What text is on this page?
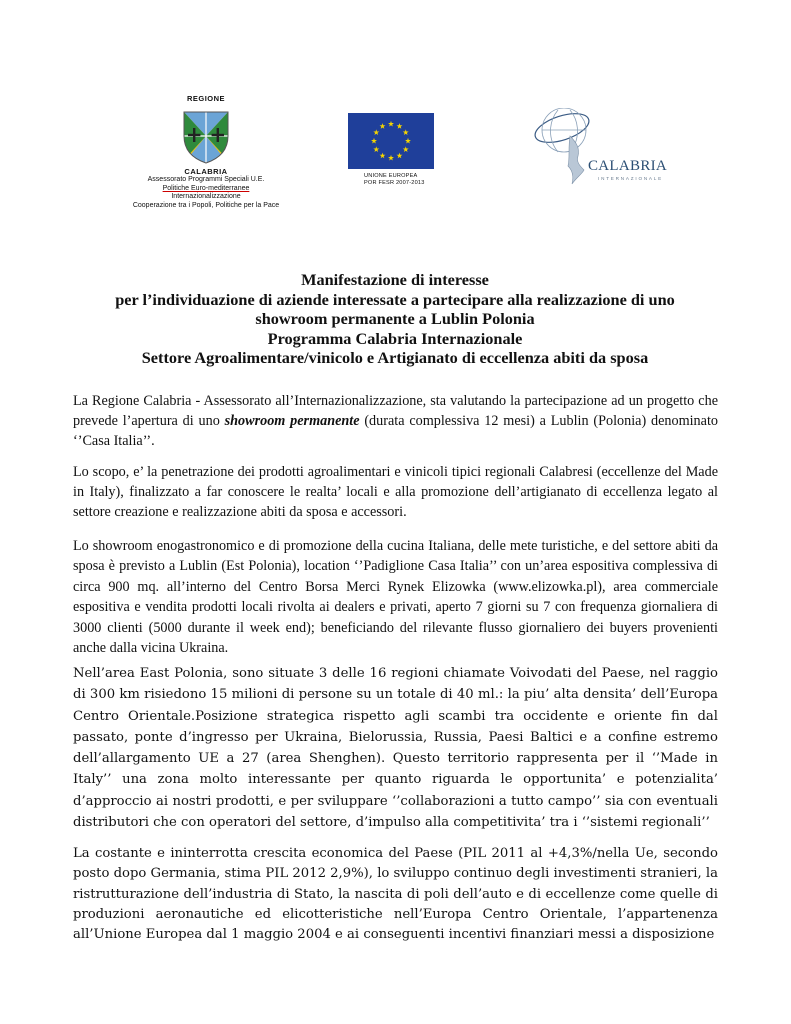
REGIONE
CALABRIA
Assessorato Programmi Speciali U.E.
Politiche Euro-mediterranee
Internazionalizzazione
Cooperazione tra i Popoli, Politiche per la Pace
UNIONE EUROPEA
POR FESR 2007-2013
CALABRIA
INTERNAZIONALE
Manifestazione di interesse
per l’individuazione di aziende interessate a partecipare alla realizzazione di uno
showroom permanente a Lublin Polonia
Programma Calabria Internazionale
Settore Agroalimentare/vinicolo e Artigianato di eccellenza abiti da sposa
La Regione Calabria - Assessorato all’Internazionalizzazione, sta valutando la partecipazione ad un progetto che prevede l’apertura di uno showroom permanente (durata complessiva 12 mesi) a Lublin (Polonia) denominato ‘’Casa Italia’’.
Lo scopo, e’ la penetrazione dei prodotti agroalimentari e vinicoli tipici regionali Calabresi (eccellenze del Made in Italy), finalizzato a far conoscere le realta’ locali e alla promozione dell’artigianato di eccellenza legato al settore creazione e realizzazione abiti da sposa e accessori.
Lo showroom enogastronomico e di promozione della cucina Italiana, delle mete turistiche, e del settore abiti da sposa è previsto a Lublin (Est Polonia), location ‘’Padiglione Casa Italia’’ con un’area espositiva complessiva di circa 900 mq. all’interno del Centro Borsa Merci Rynek Elizowka (www.elizowka.pl), area commerciale espositiva e vendita prodotti locali rivolta ai dealers e privati, aperto 7 giorni su 7 con frequenza giornaliera di 3000 clienti (5000 durante il week end); beneficiando del rilevante flusso giornaliero dei buyers provenienti anche dalla vicina Ukraina.
Nell’area East Polonia, sono situate 3 delle 16 regioni chiamate Voivodati del Paese, nel raggio di 300 km risiedono 15 milioni di persone su un totale di 40 ml.: la piu’ alta densita’ dell’Europa Centro Orientale.Posizione strategica rispetto agli scambi tra occidente e oriente fin dal passato, ponte d’ingresso per Ukraina, Bielorussia, Russia, Paesi Baltici e a confine estremo dell’allargamento UE a 27 (area Shenghen). Questo territorio rappresenta per il ‘’Made in Italy’’ una zona molto interessante per quanto riguarda le opportunita’ e potenzialita’ d’approccio ai nostri prodotti, e per sviluppare ‘’collaborazioni a tutto campo’’ sia con eventuali distributori che con operatori del settore, d’impulso alla competitivita’ tra i ‘’sistemi regionali’’
La costante e ininterrotta crescita economica del Paese (PIL 2011 al +4,3%/nella Ue, secondo posto dopo Germania, stima PIL 2012 2,9%), lo sviluppo continuo degli investimenti stranieri, la ristrutturazione dell’industria di Stato, la nascita di poli dell’auto e di eccellenze come quelle di produzioni aeronautiche ed elicotteristiche nell’Europa Centro Orientale, l’appartenenza all’Unione Europea dal 1 maggio 2004 e ai conseguenti incentivi finanziari messi a disposizione
